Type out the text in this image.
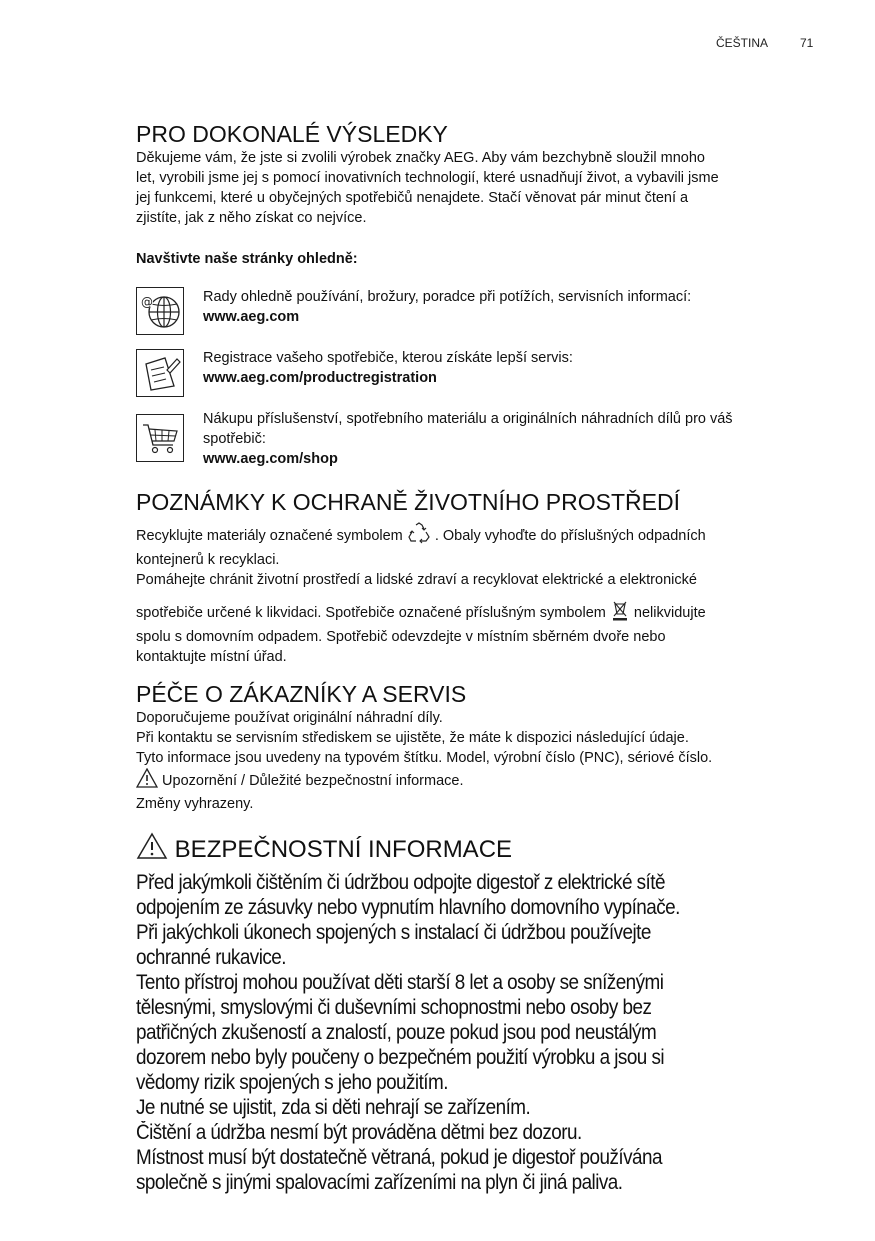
ČEŠTINA	71
PRO DOKONALÉ VÝSLEDKY

Děkujeme vám, že jste si zvolili výrobek značky AEG. Aby vám bezchybně sloužil mnoho

let, vyrobili jsme jej s pomocí inovativních technologií, které usnadňují život, a vybavili jsme

jej funkcemi, které u obyčejných spotřebičů nenajdete. Stačí věnovat pár minut čtení a

zjistíte, jak z něho získat co nejvíce.

Navštivte naše stránky ohledně:

@	Rady ohledně používání, brožury, poradce při potížích, servisních informací:
www.aeg.com
Registrace vašeho spotřebiče, kterou získáte lepší servis:
www.aeg.com/productregistration
Nákupu příslušenství, spotřebního materiálu a originálních náhradních dílů pro váš
spotřebič:
www.aeg.com/shop
POZNÁMKY K OCHRANĚ ŽIVOTNÍHO PROSTŘEDÍ

Recyklujte materiály označené symbolem . Obaly vyhoďte do příslušných odpadních

kontejnerů k recyklaci.

Pomáhejte chránit životní prostředí a lidské zdraví a recyklovat elektrické a elektronické

spotřebiče určené k likvidaci. Spotřebiče označené příslušným symbolem nelikvidujte

spolu s domovním odpadem. Spotřebič odevzdejte v místním sběrném dvoře nebo

kontaktujte místní úřad.

PÉČE O ZÁKAZNÍKY A SERVIS

Doporučujeme používat originální náhradní díly.

Při kontaktu se servisním střediskem se ujistěte, že máte k dispozici následující údaje.

Tyto informace jsou uvedeny na typovém štítku. Model, výrobní číslo (PNC), sériové číslo.

Upozornění / Důležité bezpečnostní informace.

Změny vyhrazeny.

BEZPEČNOSTNÍ INFORMACE

Před jakýmkoli čištěním či údržbou odpojte digestoř z elektrické sítě

odpojením ze zásuvky nebo vypnutím hlavního domovního vypínače.

Při jakýchkoli úkonech spojených s instalací či údržbou používejte

ochranné rukavice.

Tento přístroj mohou používat děti starší 8 let a osoby se sníženými

tělesnými, smyslovými či duševními schopnostmi nebo osoby bez

patřičných zkušeností a znalostí, pouze pokud jsou pod neustálým

dozorem nebo byly poučeny o bezpečném použití výrobku a jsou si

vědomy rizik spojených s jeho použitím.

Je nutné se ujistit, zda si děti nehrají se zařízením.

Čištění a údržba nesmí být prováděna dětmi bez dozoru.

Místnost musí být dostatečně větraná, pokud je digestoř používána

společně s jinými spalovacími zařízeními na plyn či jiná paliva.
